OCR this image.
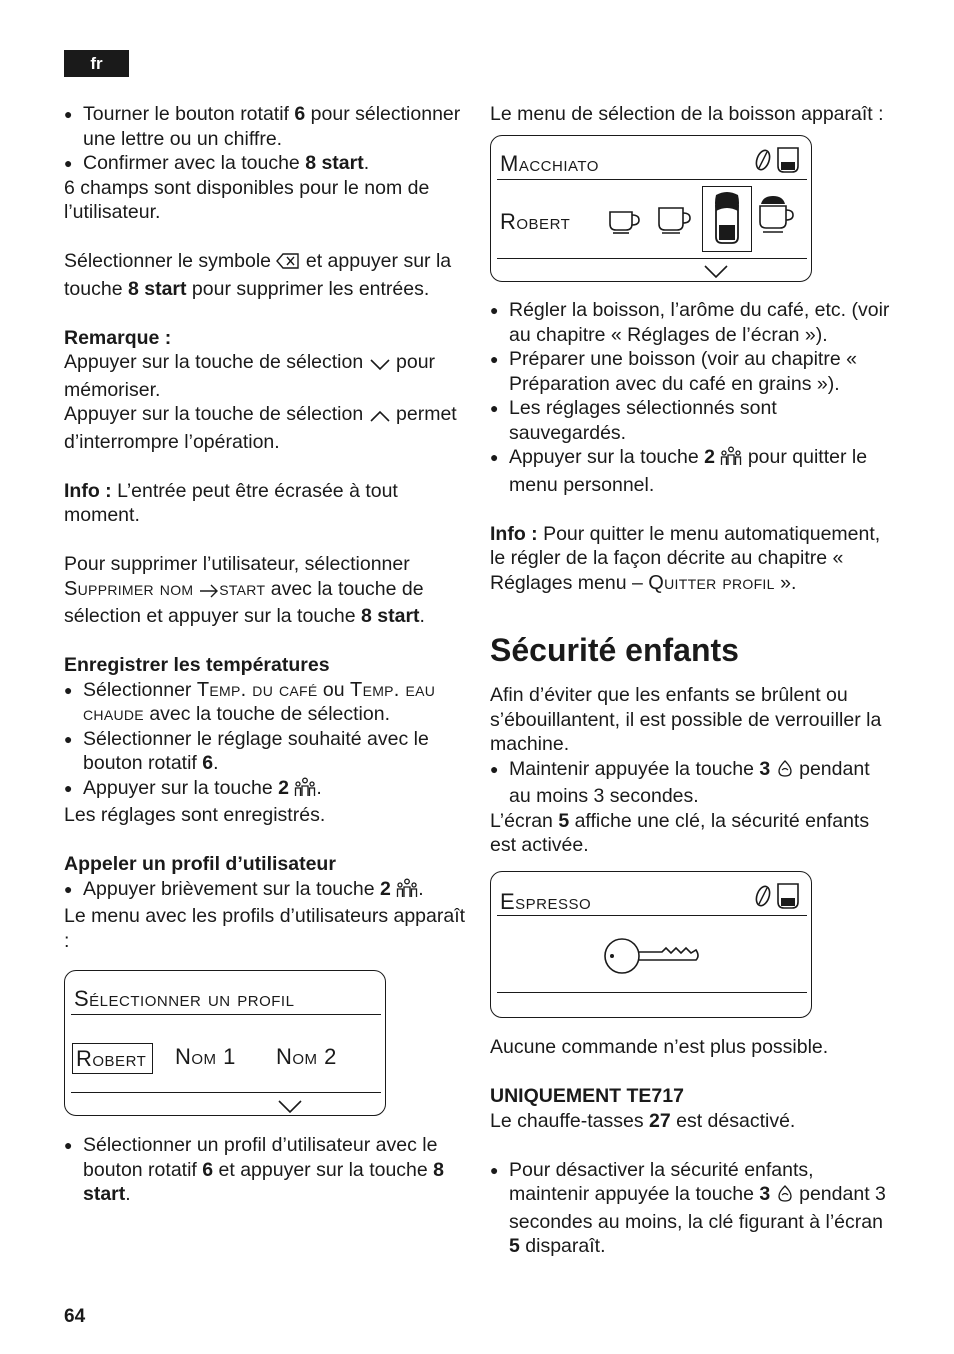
fr

● Tourner le bouton rotatif 6 pour sélectionner une lettre ou un chiffre.

● Confirmer avec la touche 8 start.

6 champs sont disponibles pour le nom de l’utilisateur.

Sélectionner le symbole  et appuyer sur la touche 8 start pour supprimer les entrées.

Remarque :

Appuyer sur la touche de sélection  pour mémoriser.

Appuyer sur la touche de sélection  permet d’interrompre l’opération.

Info : L’entrée peut être écrasée à tout moment.

Pour supprimer l’utilisateur, sélectionner Supprimer nom start avec la touche de sélection et appuyer sur la touche 8 start.

Enregistrer les températures

● Sélectionner Temp. du café ou Temp. eau chaude avec la touche de sélection.

● Sélectionner le réglage souhaité avec le bouton rotatif 6.

● Appuyer sur la touche 2 .

Les réglages sont enregistrés.

Appeler un profil d’utilisateur

● Appuyer brièvement sur la touche 2 .

Le menu avec les profils d’utilisateurs apparaît :

Sélectionner un profil
Robert	Nom 1 Nom 2

● Sélectionner un profil d’utilisateur avec le bouton rotatif 6 et appuyer sur la touche 8 start.

Le menu de sélection de la boisson apparaît :

Macchiato
Robert

● Régler la boisson, l’arôme du café, etc. (voir au chapitre « Réglages de l’écran »).

● Préparer une boisson (voir au chapitre « Préparation avec du café en grains »).

● Les réglages sélectionnés sont sauvegardés.

● Appuyer sur la touche 2  pour quitter le menu personnel.

Info : Pour quitter le menu automatiquement, le régler de la façon décrite au chapitre « Réglages menu – Quitter profil ».

Sécurité enfants

Afin d’éviter que les enfants se brûlent ou s’ébouillantent, il est possible de verrouiller la machine.

● Maintenir appuyée la touche 3  pendant au moins 3 secondes.

L’écran 5 affiche une clé, la sécurité enfants est activée.

Espresso

Aucune commande n’est plus possible.

UNIQUEMENT TE717

Le chauffe-tasses 27 est désactivé.

● Pour désactiver la sécurité enfants, maintenir appuyée la touche 3  pendant 3 secondes au moins, la clé figurant à l’écran 5 disparaît.

64
